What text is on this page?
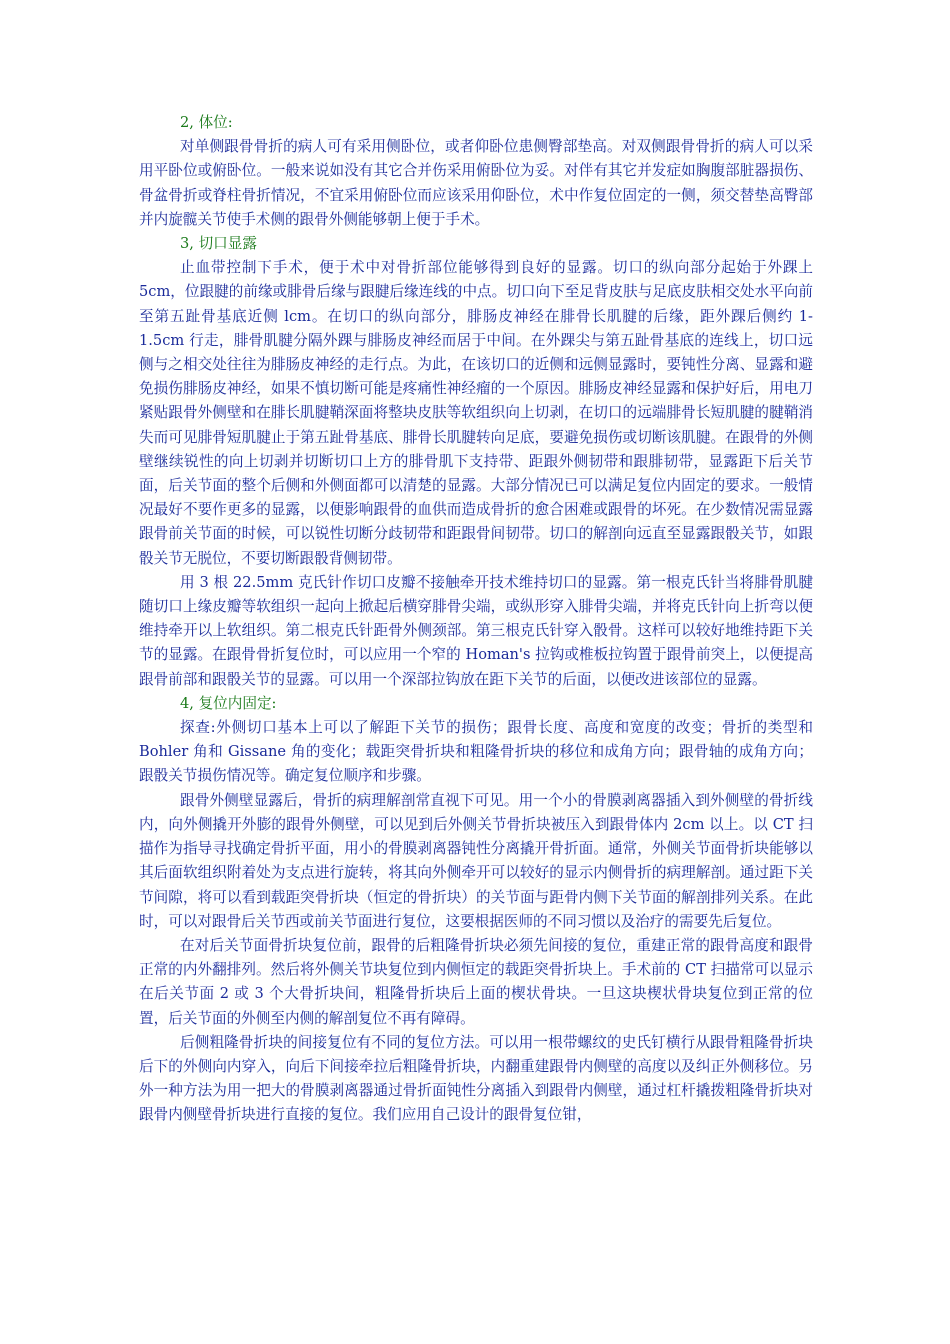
2, 体位:

对单侧跟骨骨折的病人可有采用侧卧位，或者仰卧位患侧臀部垫高。对双侧跟骨骨折的病人可以采用平卧位或俯卧位。一般来说如没有其它合并伤采用俯卧位为妥。对伴有其它并发症如胸腹部脏器损伤、骨盆骨折或脊柱骨折情况，不宜采用俯卧位而应该采用仰卧位，术中作复位固定的一侧，须交替垫高臀部并内旋髋关节使手术侧的跟骨外侧能够朝上便于手术。

3, 切口显露

止血带控制下手术，便于术中对骨折部位能够得到良好的显露。切口的纵向部分起始于外踝上 5cm，位跟腱的前缘或腓骨后缘与跟腱后缘连线的中点。切口向下至足背皮肤与足底皮肤相交处水平向前至第五趾骨基底近侧 lcm。在切口的纵向部分，腓肠皮神经在腓骨长肌腱的后缘，距外踝后侧约 1-1.5cm 行走，腓骨肌腱分隔外踝与腓肠皮神经而居于中间。在外踝尖与第五趾骨基底的连线上，切口远侧与之相交处往往为腓肠皮神经的走行点。为此，在该切口的近侧和远侧显露时，要钝性分离、显露和避免损伤腓肠皮神经，如果不慎切断可能是疼痛性神经瘤的一个原因。腓肠皮神经显露和保护好后，用电刀紧贴跟骨外侧壁和在腓长肌腱鞘深面将整块皮肤等软组织向上切剥，在切口的远端腓骨长短肌腱的腱鞘消失而可见腓骨短肌腱止于第五趾骨基底、腓骨长肌腱转向足底，要避免损伤或切断该肌腱。在跟骨的外侧壁继续锐性的向上切剥并切断切口上方的腓骨肌下支持带、距跟外侧韧带和跟腓韧带，显露距下后关节面，后关节面的整个后侧和外侧面都可以清楚的显露。大部分情况已可以满足复位内固定的要求。一般情况最好不要作更多的显露，以便影响跟骨的血供而造成骨折的愈合困难或跟骨的坏死。在少数情况需显露跟骨前关节面的时候，可以锐性切断分歧韧带和距跟骨间韧带。切口的解剖向远直至显露跟骰关节，如跟骰关节无脱位，不要切断跟骰背侧韧带。

用 3 根 22.5mm 克氏针作切口皮瓣不接触牵开技术维持切口的显露。第一根克氏针当将腓骨肌腱随切口上缘皮瓣等软组织一起向上掀起后横穿腓骨尖端，或纵形穿入腓骨尖端，并将克氏针向上折弯以便维持牵开以上软组织。第二根克氏针距骨外侧颈部。第三根克氏针穿入骰骨。这样可以较好地维持距下关节的显露。在跟骨骨折复位时，可以应用一个窄的 Homan's 拉钩或椎板拉钩置于跟骨前突上，以便提高跟骨前部和跟骰关节的显露。可以用一个深部拉钩放在距下关节的后面，以便改进该部位的显露。

4, 复位内固定:

探查:外侧切口基本上可以了解距下关节的损伤；跟骨长度、高度和宽度的改变；骨折的类型和 Bohler 角和 Gissane 角的变化；载距突骨折块和粗隆骨折块的移位和成角方向；跟骨轴的成角方向；跟骰关节损伤情况等。确定复位顺序和步骤。

跟骨外侧壁显露后，骨折的病理解剖常直视下可见。用一个小的骨膜剥离器插入到外侧壁的骨折线内，向外侧撬开外膨的跟骨外侧壁，可以见到后外侧关节骨折块被压入到跟骨体内 2cm 以上。以 CT 扫描作为指导寻找确定骨折平面，用小的骨膜剥离器钝性分离撬开骨折面。通常，外侧关节面骨折块能够以其后面软组织附着处为支点进行旋转，将其向外侧牵开可以较好的显示内侧骨折的病理解剖。通过距下关节间隙，将可以看到载距突骨折块（恒定的骨折块）的关节面与距骨内侧下关节面的解剖排列关系。在此时，可以对跟骨后关节西或前关节面进行复位，这要根据医师的不同习惯以及治疗的需要先后复位。

在对后关节面骨折块复位前，跟骨的后粗隆骨折块必须先间接的复位，重建正常的跟骨高度和跟骨正常的内外翻排列。然后将外侧关节块复位到内侧恒定的载距突骨折块上。手术前的 CT 扫描常可以显示在后关节面 2 或 3 个大骨折块间，粗隆骨折块后上面的楔状骨块。一旦这块楔状骨块复位到正常的位置，后关节面的外侧至内侧的解剖复位不再有障碍。

后侧粗隆骨折块的间接复位有不同的复位方法。可以用一根带螺纹的史氏钉横行从跟骨粗隆骨折块后下的外侧向内穿入，向后下间接牵拉后粗隆骨折块，内翻重建跟骨内侧壁的高度以及纠正外侧移位。另外一种方法为用一把大的骨膜剥离器通过骨折面钝性分离插入到跟骨内侧壁，通过杠杆撬拨粗隆骨折块对跟骨内侧壁骨折块进行直接的复位。我们应用自己设计的跟骨复位钳，
